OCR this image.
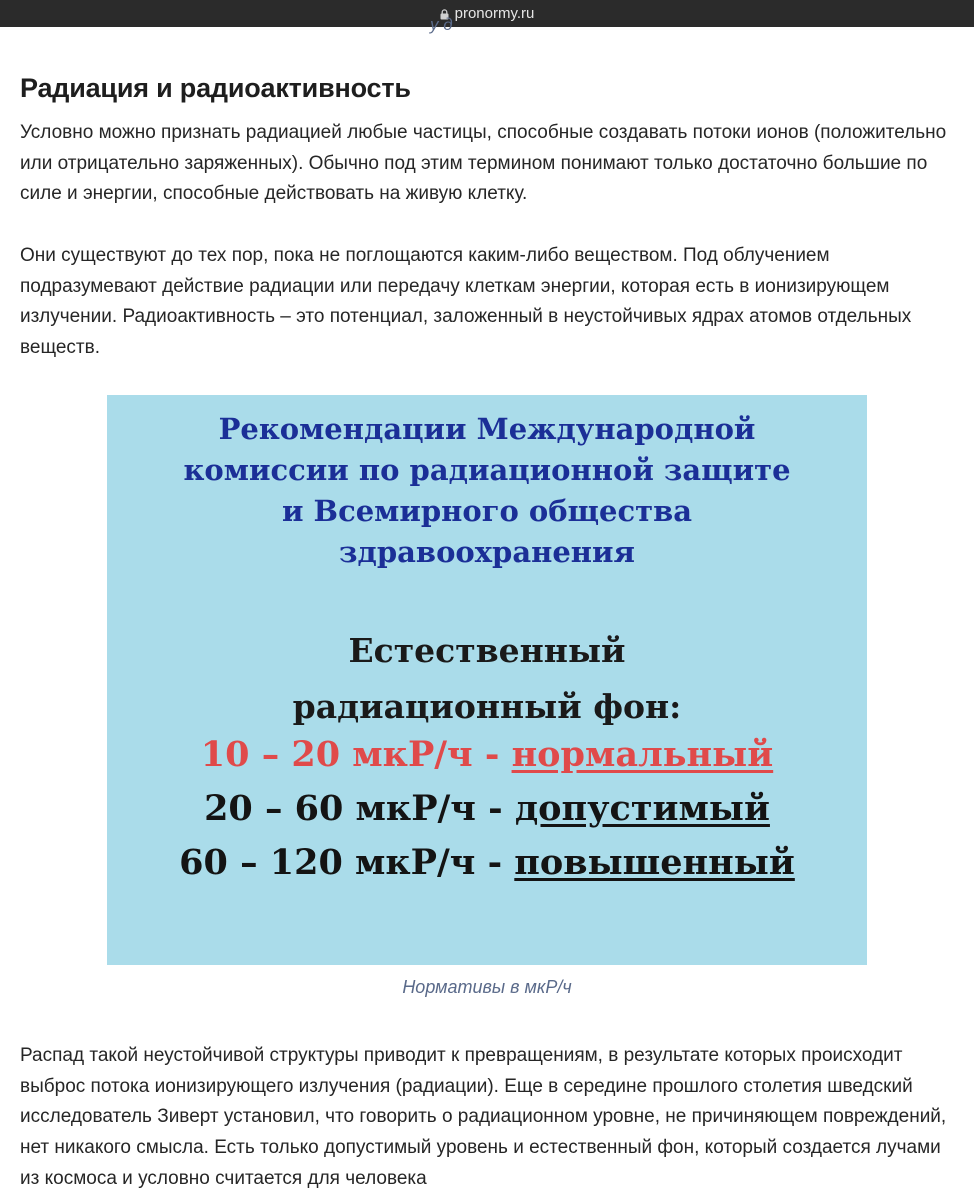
pronormy.ru
у д
Радиация и радиоактивность

Условно можно признать радиацией любые частицы, способные создавать потоки ионов (положительно или отрицательно заряженных). Обычно под этим термином понимают только достаточно большие по силе и энергии, способные действовать на живую клетку.

Они существуют до тех пор, пока не поглощаются каким-либо веществом. Под облучением подразумевают действие радиации или передачу клеткам энергии, которая есть в ионизирующем излучении. Радиоактивность – это потенциал, заложенный в неустойчивых ядрах атомов отдельных веществ.

Рекомендации Международной
комиссии по радиационной защите
и Всемирного общества
здравоохранения
Естественный
радиационный фон:
10 – 20 мкР/ч - нормальный
20 – 60 мкР/ч - допустимый
60 – 120 мкР/ч - повышенный
Нормативы в мкР/ч

Распад такой неустойчивой структуры приводит к превращениям, в результате которых происходит выброс потока ионизирующего излучения (радиации). Еще в середине прошлого столетия шведский исследователь Зиверт установил, что говорить о радиационном уровне, не причиняющем повреждений, нет никакого смысла. Есть только допустимый уровень и естественный фон, который создается лучами из космоса и условно считается для человека
